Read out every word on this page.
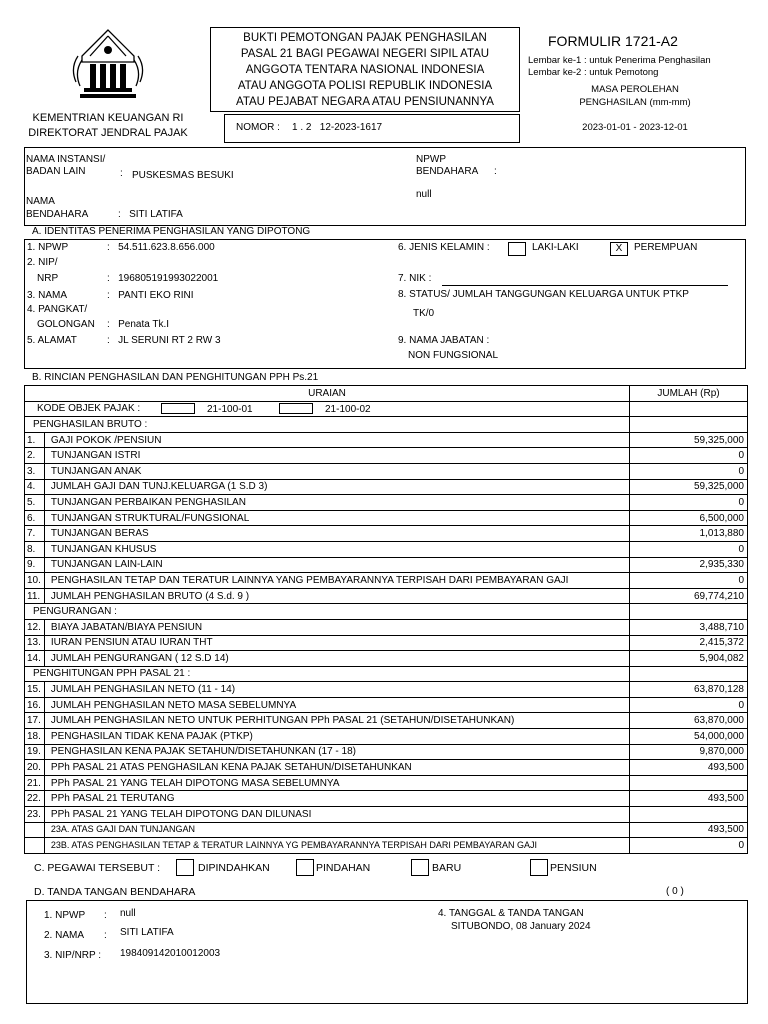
KEMENTRIAN KEUANGAN RI
DIREKTORAT JENDRAL PAJAK
BUKTI PEMOTONGAN PAJAK PENGHASILAN
PASAL 21 BAGI PEGAWAI NEGERI SIPIL ATAU
ANGGOTA TENTARA NASIONAL INDONESIA
ATAU ANGGOTA POLISI REPUBLIK INDONESIA
ATAU PEJABAT NEGARA ATAU PENSIUNANNYA
NOMOR : 1 . 2   12-2023-1617
FORMULIR 1721-A2
Lembar ke-1 : untuk Penerima Penghasilan
Lembar ke-2 : untuk Pemotong
MASA PEROLEHAN
PENGHASILAN (mm-mm)
2023-01-01 - 2023-12-01
NAMA INSTANSI/
BADAN LAIN	: PUSKESMAS BESUKI
NAMA
BENDAHARA	:   SITI LATIFA
NPWP
BENDAHARA :
null
A. IDENTITAS PENERIMA PENGHASILAN YANG DIPOTONG
1. NPWP	:   54.511.623.8.656.000
2. NIP/
NRP	:   196805191993022001
3. NAMA	:   PANTI EKO RINI
4. PANGKAT/
GOLONGAN :   Penata Tk.I
5. ALAMAT	:   JL SERUNI RT 2 RW 3
6. JENIS KELAMIN :	LAKI-LAKI	X	PEREMPUAN
7. NIK :
8. STATUS/ JUMLAH TANGGUNGAN KELUARGA UNTUK PTKP
TK/0
9. NAMA JABATAN :
NON FUNGSIONAL
B. RINCIAN PENGHASILAN DAN PENGHITUNGAN PPH Ps.21
URAIAN		JUMLAH (Rp)
KODE OBJEK PAJAK : 21-100-01 21-100-02		

PENGHASILAN BRUTO :		
1.	GAJI POKOK /PENSIUN	59,325,000
2.	TUNJANGAN ISTRI	0
3.	TUNJANGAN ANAK	0
4.	JUMLAH GAJI DAN TUNJ.KELUARGA (1 S.D 3)	59,325,000
5.	TUNJANGAN PERBAIKAN PENGHASILAN	0
6.	TUNJANGAN STRUKTURAL/FUNGSIONAL	6,500,000
7.	TUNJANGAN BERAS	1,013,880
8.	TUNJANGAN KHUSUS	0
9.	TUNJANGAN LAIN-LAIN	2,935,330
10.	PENGHASILAN TETAP DAN TERATUR LAINNYA YANG PEMBAYARANNYA TERPISAH DARI PEMBAYARAN GAJI	0
11.	JUMLAH PENGHASILAN BRUTO (4 S.d. 9 )	69,774,210
PENGURANGAN :		
12.	BIAYA JABATAN/BIAYA PENSIUN	3,488,710
13.	IURAN PENSIUN ATAU IURAN THT	2,415,372
14.	JUMLAH PENGURANGAN ( 12 S.D 14)	5,904,082
PENGHITUNGAN PPH PASAL 21 :		
15.	JUMLAH PENGHASILAN NETO (11 - 14)	63,870,128
16.	JUMLAH PENGHASILAN NETO MASA SEBELUMNYA	0
17.	JUMLAH PENGHASILAN NETO UNTUK PERHITUNGAN PPh PASAL 21 (SETAHUN/DISETAHUNKAN)	63,870,000
18.	PENGHASILAN TIDAK KENA PAJAK (PTKP)	54,000,000
19.	PENGHASILAN KENA PAJAK SETAHUN/DISETAHUNKAN (17 - 18)	9,870,000
20.	PPh PASAL 21 ATAS PENGHASILAN KENA PAJAK SETAHUN/DISETAHUNKAN	493,500
21.	PPh PASAL 21 YANG TELAH DIPOTONG MASA SEBELUMNYA	
22.	PPh PASAL 21 TERUTANG	493,500
23.	PPh PASAL 21 YANG TELAH DIPOTONG DAN DILUNASI	
	23A. ATAS GAJI DAN TUNJANGAN	493,500
	23B. ATAS PENGHASILAN TETAP & TERATUR LAINNYA YG PEMBAYARANNYA TERPISAH DARI PEMBAYARAN GAJI	0
C. PEGAWAI TERSEBUT :	DIPINDAHKAN	PINDAHAN	BARU	PENSIUN
D. TANDA TANGAN BENDAHARA	( 0 )
1. NPWP : null
2. NAMA : SITI LATIFA
3. NIP/NRP : 198409142010012003
4. TANGGAL & TANDA TANGAN
SITUBONDO, 08 January 2024
